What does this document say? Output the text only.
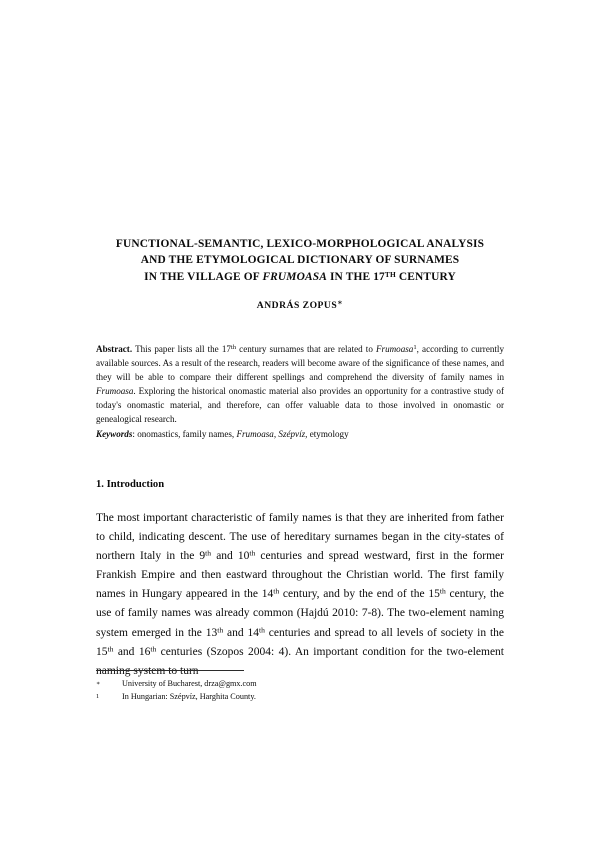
FUNCTIONAL-SEMANTIC, LEXICO-MORPHOLOGICAL ANALYSIS
AND THE ETYMOLOGICAL DICTIONARY OF SURNAMES
IN THE VILLAGE OF FRUMOASA IN THE 17TH CENTURY
ANDRÁS ZOPUS∗

Abstract. This paper lists all the 17th century surnames that are related to Frumoasa$^1$, according to currently available sources. As a result of the research, readers will become aware of the significance of these names, and they will be able to compare their different spellings and comprehend the diversity of family names in Frumoasa. Exploring the historical onomastic material also provides an opportunity for a contrastive study of today's onomastic material, and therefore, can offer valuable data to those involved in onomastic or genealogical research.

Keywords: onomastics, family names, Frumoasa, Szépvíz, etymology

1. Introduction

The most important characteristic of family names is that they are inherited from father to child, indicating descent. The use of hereditary surnames began in the city-states of northern Italy in the 9th and 10th centuries and spread westward, first in the former Frankish Empire and then eastward throughout the Christian world. The first family names in Hungary appeared in the 14th century, and by the end of the 15th century, the use of family names was already common (Hajdú 2010: 7-8). The two-element naming system emerged in the 13th and 14th centuries and spread to all levels of society in the 15th and 16th centuries (Szopos 2004: 4). An important condition for the two-element naming system to turn

∗	University of Bucharest, drza@gmx.com
1	In Hungarian: Szépvíz, Harghita County.
